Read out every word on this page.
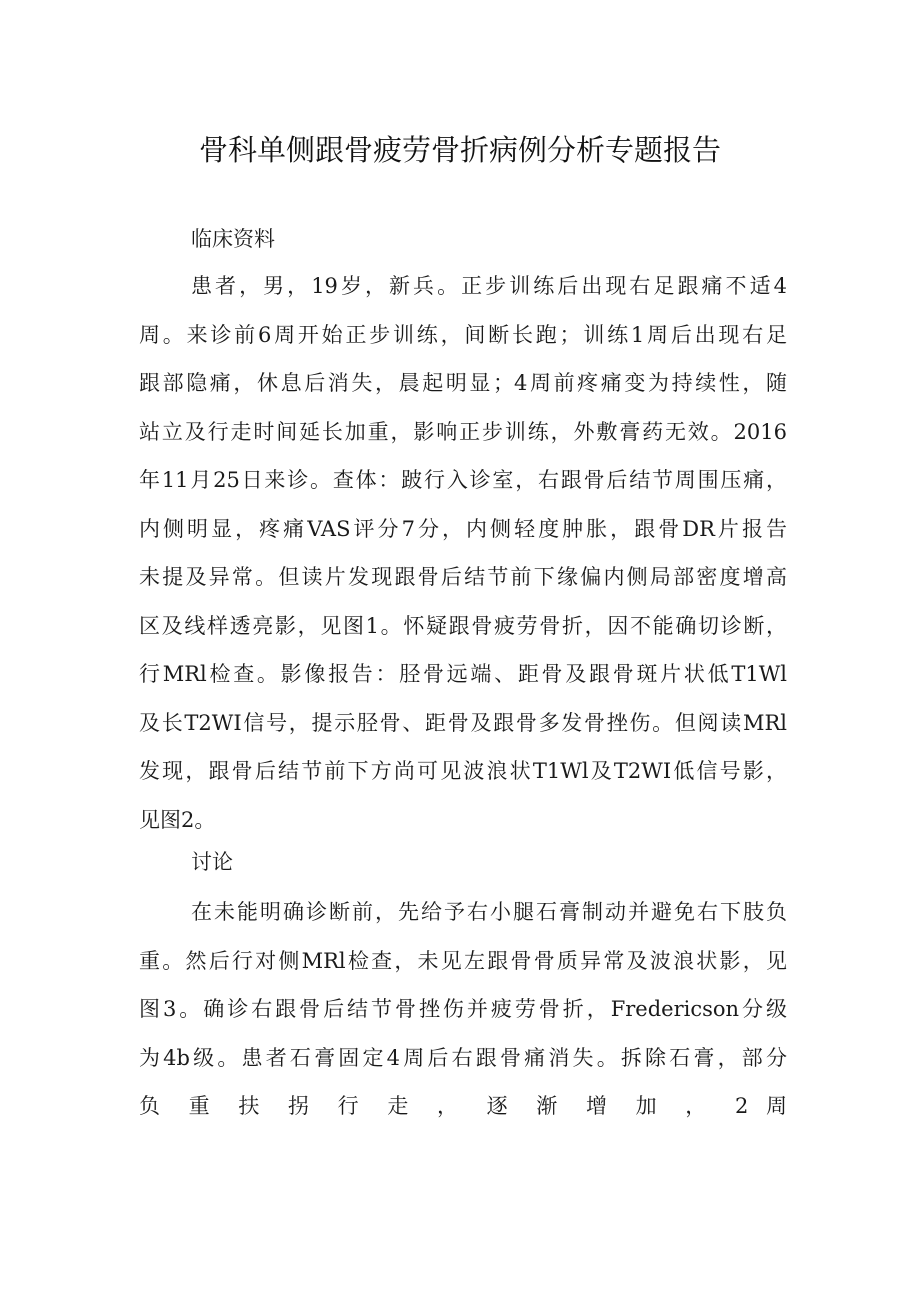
骨科单侧跟骨疲劳骨折病例分析专题报告
临床资料
患者，男，19岁，新兵。正步训练后出现右足跟痛不适4
周。来诊前6周开始正步训练，间断长跑；训练1周后出现右足
跟部隐痛，休息后消失，晨起明显；4周前疼痛变为持续性，随
站立及行走时间延长加重，影响正步训练，外敷膏药无效。2016
年11月25日来诊。查体：跛行入诊室，右跟骨后结节周围压痛，
内侧明显，疼痛VAS评分7分，内侧轻度肿胀，跟骨DR片报告
未提及异常。但读片发现跟骨后结节前下缘偏内侧局部密度增高
区及线样透亮影，见图1。怀疑跟骨疲劳骨折，因不能确切诊断，
行MRl检查。影像报告：胫骨远端、距骨及跟骨斑片状低T1Wl
及长T2WI信号，提示胫骨、距骨及跟骨多发骨挫伤。但阅读MRl
发现，跟骨后结节前下方尚可见波浪状T1Wl及T2WI低信号影，
见图2。
讨论
在未能明确诊断前，先给予右小腿石膏制动并避免右下肢负
重。然后行对侧MRl检查，未见左跟骨骨质异常及波浪状影，见
图3。确诊右跟骨后结节骨挫伤并疲劳骨折，Fredericson分级
为4b级。患者石膏固定4周后右跟骨痛消失。拆除石膏，部分
负 重 扶 拐 行 走 ， 逐 渐 增 加 ， 2 周
